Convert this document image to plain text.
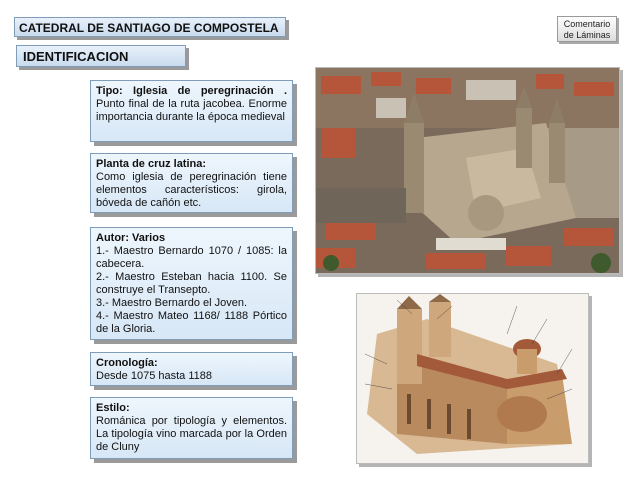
CATEDRAL DE SANTIAGO DE COMPOSTELA
IDENTIFICACION
Comentario de Láminas

Tipo: Iglesia de peregrinación . Punto final de la ruta jacobea. Enorme importancia durante la época medieval

Planta de cruz latina:
Como iglesia de peregrinación tiene elementos característicos: girola, bóveda de cañón etc.

Autor: Varios
1.- Maestro Bernardo 1070 / 1085: la cabecera.
2.- Maestro Esteban hacia 1100. Se construye el Transepto.
3.- Maestro Bernardo el Joven.
4.- Maestro Mateo 1168/ 1188 Pórtico de la Gloria.

Cronología:
Desde 1075 hasta 1188

Estilo:
Románica por tipología y elementos. La tipología vino marcada por la Orden de Cluny
